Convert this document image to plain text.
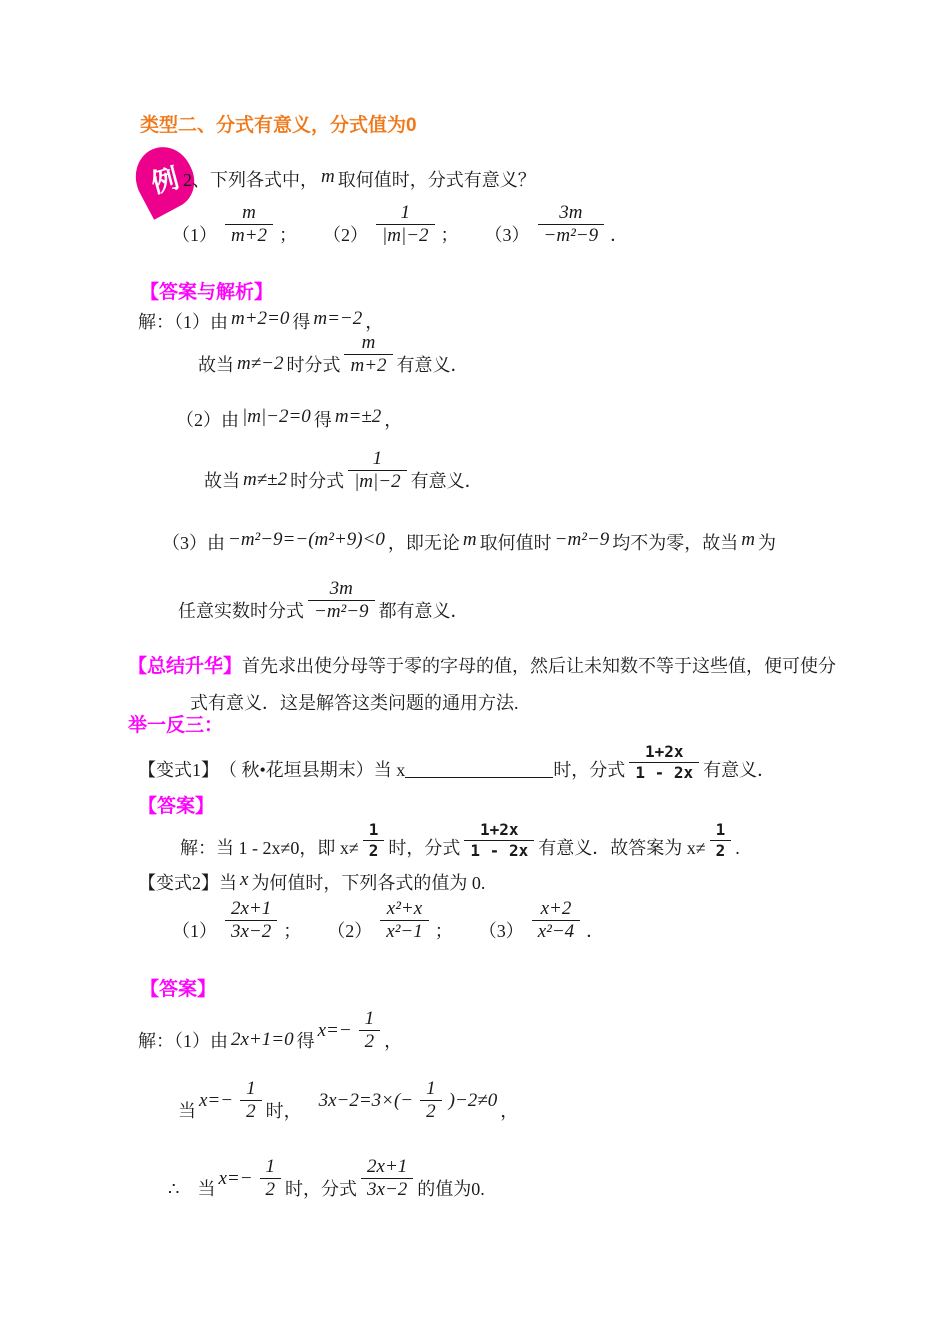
类型二、分式有意义，分式值为0
例 2、下列各式中， m 取何值时，分式有意义？
$(1) \frac{m}{m+2}$ ； $(2) \frac{1}{|m|-2}$ ； $(3) \frac{3m}{\text{−m²−9}}$ ．
【答案与解析】
解：（1）由 m+2=0 得 m=−2 ，
故当 m≠−2 时分式 $\frac{m}{m+2}$ 有意义．
（2）由 |m|−2=0 得 m=±2 ，
故当 m≠±2 时分式 $\frac{1}{|m|-2}$ 有意义．
（3）由 −m²−9=−(m²+9)<0 ，即无论 m 取何值时 −m²−9 均不为零，故当 m 为
任意实数时分式 $\frac{3m}{\text{−m²−9}}$ 都有意义．
【总结升华】首先求出使分母等于零的字母的值，然后让未知数不等于这些值，便可使分
式有意义．这是解答这类问题的通用方法.
举一反三：
【变式1】 （ 秋•花垣县期末）当 x	时，分式 $\frac{1+2x}{1 - 2x}$ 有意义．
【答案】
解：当 1 - 2x≠0，即 $x\ne \frac{1}{2}$ 时，分式 $\frac{1+2x}{1 - 2x}$ 有意义．故答案为 $x\ne \frac{1}{2}$ .
【变式2】当 x 为何值时，下列各式的值为 0.
$(1) \frac{2x+1}{3x-2}$ ； $(2) \frac{\text{x²+x}}{\text{x²−1}}$ ； $(3) \frac{x+2}{\text{x²−4}}$ ．
【答案】
解：（1）由 2x+1=0 得 $x=- \frac{1}{2}$ ，
当 $x=- \frac{1}{2}$ 时， $3x-2=3\times(- \frac{1}{2} )-2\ne 0$ ，
∴ 当 $x=- \frac{1}{2}$ 时，分式 $\frac{2x+1}{3x-2}$ 的值为0.
